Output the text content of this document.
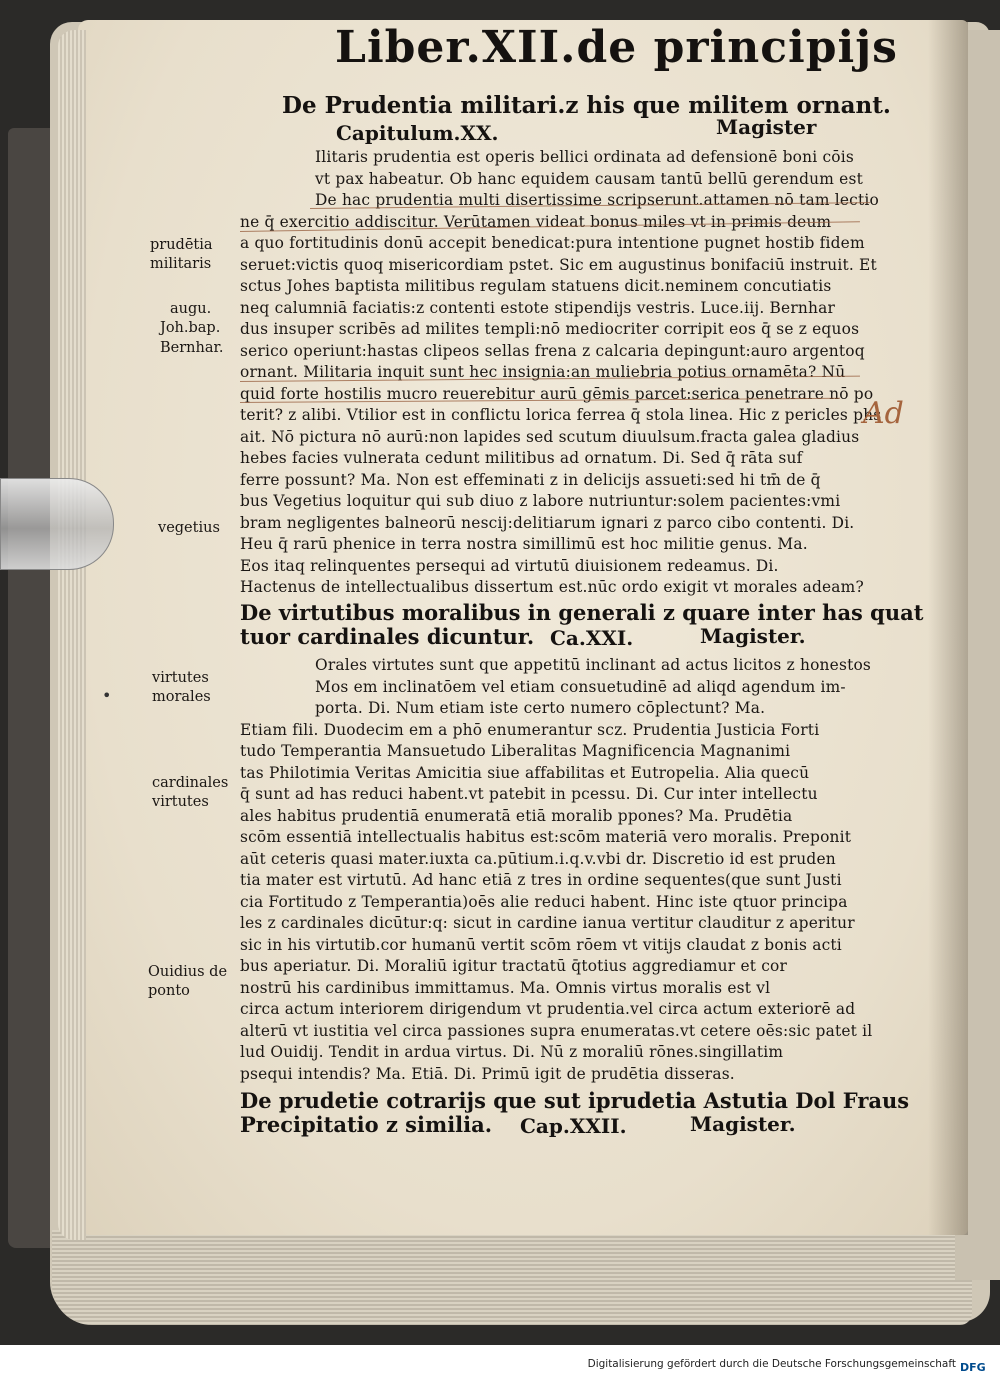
Liber.XII.de principijs
De Prudentia militari.z his que militem ornant.
Capitulum.XX.	Magister
Ilitaris prudentia est operis bellici ordinata ad defensionē boni cōis
vt pax habeatur. Ob hanc equidem causam tantū bellū gerendum est
De hac prudentia multi disertissime scripserunt.attamen nō tam lectio
ne q̄ exercitio addiscitur. Verūtamen videat bonus miles vt in primis deum
a quo fortitudinis donū accepit benedicat:pura intentione pugnet hostib fidem
seruet:victis quoq misericordiam pstet. Sic em augustinus bonifaciū instruit. Et
sctus Johes baptista militibus regulam statuens dicit.neminem concutiatis
neq calumniā faciatis:z contenti estote stipendijs vestris. Luce.iij. Bernhar
dus insuper scribēs ad milites templi:nō mediocriter corripit eos q̄ se z equos
serico operiunt:hastas clipeos sellas frena z calcaria depingunt:auro argentoq
ornant. Militaria inquit sunt hec insignia:an muliebria potius ornamēta? Nū
quid forte hostilis mucro reuerebitur aurū gēmis parcet:serica penetrare nō po
terit? z alibi. Vtilior est in conflictu lorica ferrea q̄ stola linea. Hic z pericles phs
ait. Nō pictura nō aurū:non lapides sed scutum diuulsum.fracta galea gladius
hebes facies vulnerata cedunt militibus ad ornatum. Di. Sed q̄ rāta suf
ferre possunt? Ma. Non est effeminati z in delicijs assueti:sed hi tm̄ de q̄
bus Vegetius loquitur qui sub diuo z labore nutriuntur:solem pacientes:vmi
bram negligentes balneorū nescij:delitiarum ignari z parco cibo contenti. Di.
Heu q̄ rarū phenice in terra nostra simillimū est hoc militie genus. Ma.
Eos itaq relinquentes persequi ad virtutū diuisionem redeamus. Di.
Hactenus de intellectualibus dissertum est.nūc ordo exigit vt morales adeam?
De virtutibus moralibus in generali z quare inter has quat
tuor cardinales dicuntur. Ca.XXI.	Magister.
Orales virtutes sunt que appetitū inclinant ad actus licitos z honestos
Mos em inclinatōem vel etiam consuetudinē ad aliqd agendum im-
porta. Di. Num etiam iste certo numero cōplectunt? Ma.
Etiam fili. Duodecim em a phō enumerantur scz. Prudentia Justicia Forti
tudo Temperantia Mansuetudo Liberalitas Magnificencia Magnanimi
tas Philotimia Veritas Amicitia siue affabilitas et Eutropelia. Alia quecū
q̄ sunt ad has reduci habent.vt patebit in pcessu. Di. Cur inter intellectu
ales habitus prudentiā enumeratā etiā moralib ppones? Ma. Prudētia
scōm essentiā intellectualis habitus est:scōm materiā vero moralis. Preponit
aūt ceteris quasi mater.iuxta ca.pūtium.i.q.v.vbi dr. Discretio id est pruden
tia mater est virtutū. Ad hanc etiā z tres in ordine sequentes(que sunt Justi
cia Fortitudo z Temperantia)oēs alie reduci habent. Hinc iste qtuor principa
les z cardinales dicūtur:q: sicut in cardine ianua vertitur clauditur z aperitur
sic in his virtutib.cor humanū vertit scōm rōem vt vitijs claudat z bonis acti
bus aperiatur. Di. Moraliū igitur tractatū q̄totius aggrediamur et cor
nostrū his cardinibus immittamus. Ma. Omnis virtus moralis est vl
circa actum interiorem dirigendum vt prudentia.vel circa actum exteriorē ad
alterū vt iustitia vel circa passiones supra enumeratas.vt cetere oēs:sic patet il
lud Ouidij. Tendit in ardua virtus. Di. Nū z moraliū rōnes.singillatim
psequi intendis? Ma. Etiā. Di. Primū igit de prudētia disseras.
De prudetie cotrarijs que sut iprudetia Astutia Dol Fraus
Precipitatio z similia. Cap.XXII.	Magister.
prudētia militaris
augu.
Joh.bap.
Bernhar.
vegetius
virtutes morales
cardinales virtutes
Ouidius de ponto
•
Ad
Digitalisierung gefördert durch die Deutsche Forschungsgemeinschaft DFG
